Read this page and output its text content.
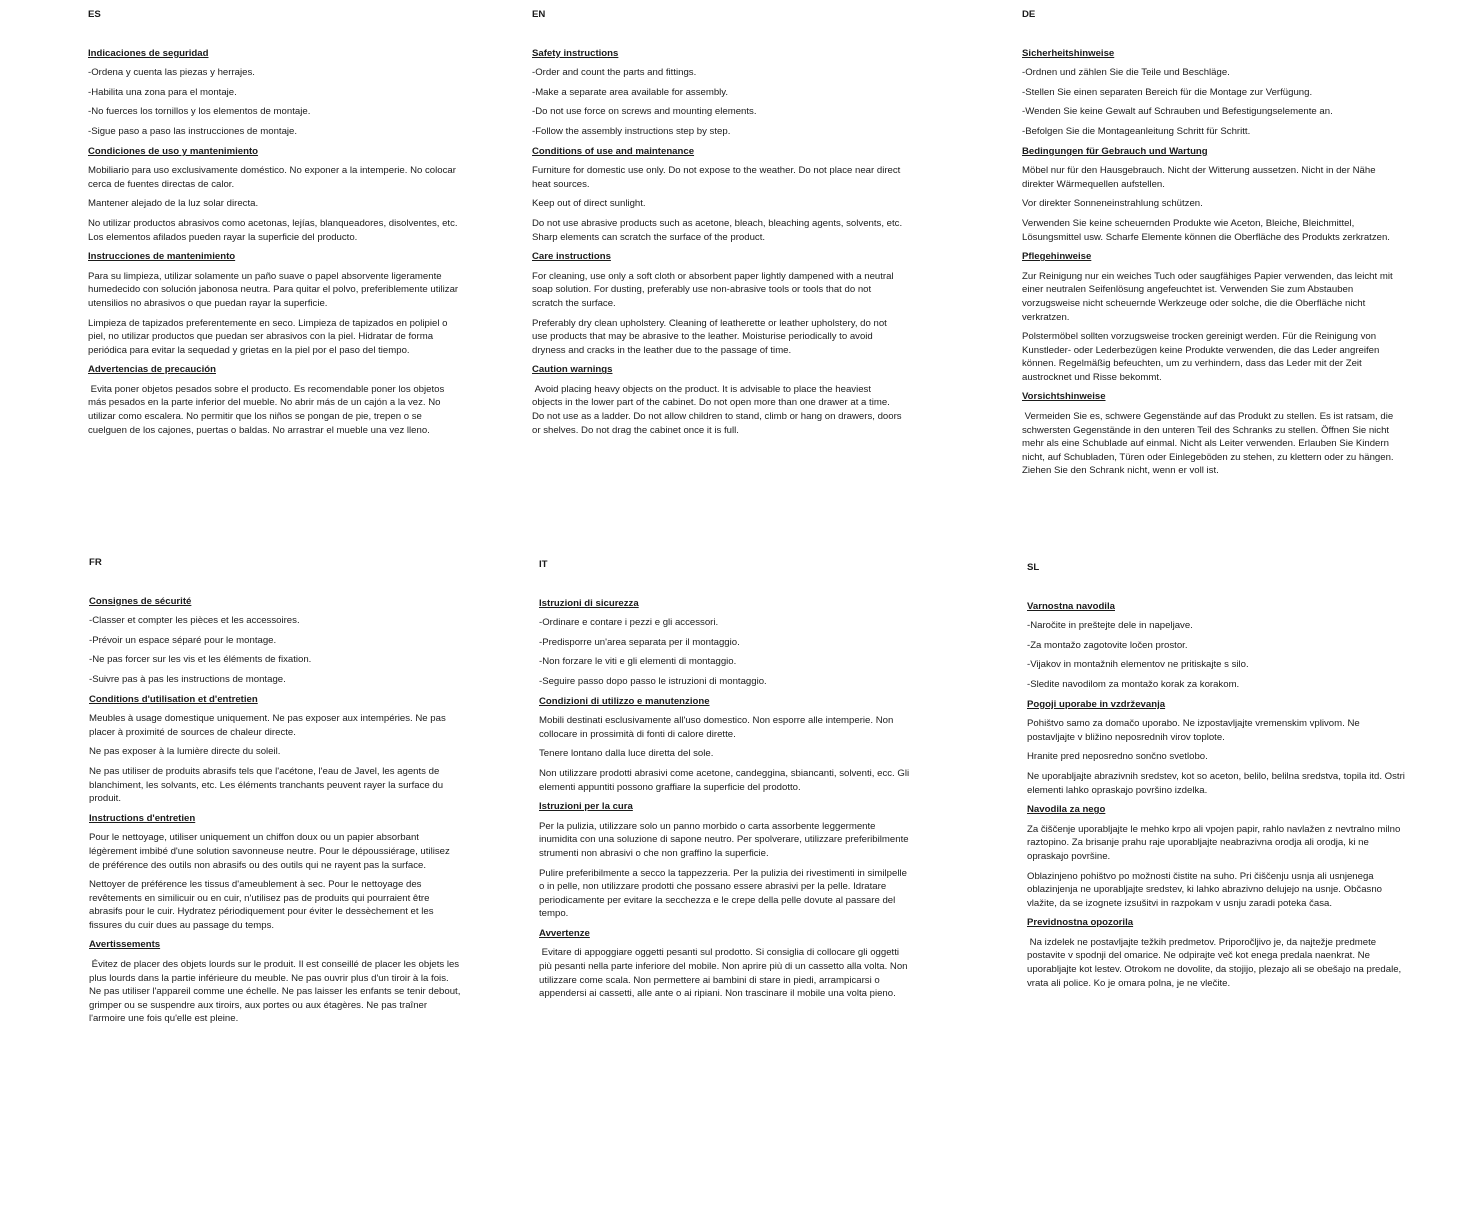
ES

Indicaciones de seguridad

-Ordena y cuenta las piezas y herrajes.

-Habilita una zona para el montaje.

-No fuerces los tornillos y los elementos de montaje.

-Sigue paso a paso las instrucciones de montaje.

Condiciones de uso y mantenimiento

Mobiliario para uso exclusivamente doméstico. No exponer a la intemperie. No colocar cerca de fuentes directas de calor.

Mantener alejado de la luz solar directa.

No utilizar productos abrasivos como acetonas, lejías, blanqueadores, disolventes, etc. Los elementos afilados pueden rayar la superficie del producto.

Instrucciones de mantenimiento

Para su limpieza, utilizar solamente un paño suave o papel absorvente ligeramente humedecido con solución jabonosa neutra. Para quitar el polvo, preferiblemente utilizar utensilios no abrasivos o que puedan rayar la superficie.

Limpieza de tapizados preferentemente en seco. Limpieza de tapizados en polipiel o piel, no utilizar productos que puedan ser abrasivos con la piel. Hidratar de forma periódica para evitar la sequedad y grietas en la piel por el paso del tiempo.

Advertencias de precaución

Evita poner objetos pesados sobre el producto. Es recomendable poner los objetos más pesados en la parte inferior del mueble. No abrir más de un cajón a la vez. No utilizar como escalera. No permitir que los niños se pongan de pie, trepen o se cuelguen de los cajones, puertas o baldas. No arrastrar el mueble una vez lleno.

EN

Safety instructions

-Order and count the parts and fittings.

-Make a separate area available for assembly.

-Do not use force on screws and mounting elements.

-Follow the assembly instructions step by step.

Conditions of use and maintenance

Furniture for domestic use only. Do not expose to the weather. Do not place near direct heat sources.

Keep out of direct sunlight.

Do not use abrasive products such as acetone, bleach, bleaching agents, solvents, etc. Sharp elements can scratch the surface of the product.

Care instructions

For cleaning, use only a soft cloth or absorbent paper lightly dampened with a neutral soap solution. For dusting, preferably use non-abrasive tools or tools that do not scratch the surface.

Preferably dry clean upholstery. Cleaning of leatherette or leather upholstery, do not use products that may be abrasive to the leather. Moisturise periodically to avoid dryness and cracks in the leather due to the passage of time.

Caution warnings

Avoid placing heavy objects on the product. It is advisable to place the heaviest objects in the lower part of the cabinet. Do not open more than one drawer at a time. Do not use as a ladder. Do not allow children to stand, climb or hang on drawers, doors or shelves. Do not drag the cabinet once it is full.

DE

Sicherheitshinweise

-Ordnen und zählen Sie die Teile und Beschläge.

-Stellen Sie einen separaten Bereich für die Montage zur Verfügung.

-Wenden Sie keine Gewalt auf Schrauben und Befestigungselemente an.

-Befolgen Sie die Montageanleitung Schritt für Schritt.

Bedingungen für Gebrauch und Wartung

Möbel nur für den Hausgebrauch. Nicht der Witterung aussetzen. Nicht in der Nähe direkter Wärmequellen aufstellen.

Vor direkter Sonneneinstrahlung schützen.

Verwenden Sie keine scheuernden Produkte wie Aceton, Bleiche, Bleichmittel, Lösungsmittel usw. Scharfe Elemente können die Oberfläche des Produkts zerkratzen.

Pflegehinweise

Zur Reinigung nur ein weiches Tuch oder saugfähiges Papier verwenden, das leicht mit einer neutralen Seifenlösung angefeuchtet ist. Verwenden Sie zum Abstauben vorzugsweise nicht scheuernde Werkzeuge oder solche, die die Oberfläche nicht verkratzen.

Polstermöbel sollten vorzugsweise trocken gereinigt werden. Für die Reinigung von Kunstleder- oder Lederbezügen keine Produkte verwenden, die das Leder angreifen können. Regelmäßig befeuchten, um zu verhindern, dass das Leder mit der Zeit austrocknet und Risse bekommt.

Vorsichtshinweise

Vermeiden Sie es, schwere Gegenstände auf das Produkt zu stellen. Es ist ratsam, die schwersten Gegenstände in den unteren Teil des Schranks zu stellen. Öffnen Sie nicht mehr als eine Schublade auf einmal. Nicht als Leiter verwenden. Erlauben Sie Kindern nicht, auf Schubladen, Türen oder Einlegeböden zu stehen, zu klettern oder zu hängen. Ziehen Sie den Schrank nicht, wenn er voll ist.

FR

Consignes de sécurité

-Classer et compter les pièces et les accessoires.

-Prévoir un espace séparé pour le montage.

-Ne pas forcer sur les vis et les éléments de fixation.

-Suivre pas à pas les instructions de montage.

Conditions d'utilisation et d'entretien

Meubles à usage domestique uniquement. Ne pas exposer aux intempéries. Ne pas placer à proximité de sources de chaleur directe.

Ne pas exposer à la lumière directe du soleil.

Ne pas utiliser de produits abrasifs tels que l'acétone, l'eau de Javel, les agents de blanchiment, les solvants, etc. Les éléments tranchants peuvent rayer la surface du produit.

Instructions d'entretien

Pour le nettoyage, utiliser uniquement un chiffon doux ou un papier absorbant légèrement imbibé d'une solution savonneuse neutre. Pour le dépoussiérage, utilisez de préférence des outils non abrasifs ou des outils qui ne rayent pas la surface.

Nettoyer de préférence les tissus d'ameublement à sec. Pour le nettoyage des revêtements en similicuir ou en cuir, n'utilisez pas de produits qui pourraient être abrasifs pour le cuir. Hydratez périodiquement pour éviter le dessèchement et les fissures du cuir dues au passage du temps.

Avertissements

Évitez de placer des objets lourds sur le produit. Il est conseillé de placer les objets les plus lourds dans la partie inférieure du meuble. Ne pas ouvrir plus d'un tiroir à la fois. Ne pas utiliser l'appareil comme une échelle. Ne pas laisser les enfants se tenir debout, grimper ou se suspendre aux tiroirs, aux portes ou aux étagères. Ne pas traîner l'armoire une fois qu'elle est pleine.

IT

Istruzioni di sicurezza

-Ordinare e contare i pezzi e gli accessori.

-Predisporre un'area separata per il montaggio.

-Non forzare le viti e gli elementi di montaggio.

-Seguire passo dopo passo le istruzioni di montaggio.

Condizioni di utilizzo e manutenzione

Mobili destinati esclusivamente all'uso domestico. Non esporre alle intemperie. Non collocare in prossimità di fonti di calore dirette.

Tenere lontano dalla luce diretta del sole.

Non utilizzare prodotti abrasivi come acetone, candeggina, sbiancanti, solventi, ecc. Gli elementi appuntiti possono graffiare la superficie del prodotto.

Istruzioni per la cura

Per la pulizia, utilizzare solo un panno morbido o carta assorbente leggermente inumidita con una soluzione di sapone neutro. Per spolverare, utilizzare preferibilmente strumenti non abrasivi o che non graffino la superficie.

Pulire preferibilmente a secco la tappezzeria. Per la pulizia dei rivestimenti in similpelle o in pelle, non utilizzare prodotti che possano essere abrasivi per la pelle. Idratare periodicamente per evitare la secchezza e le crepe della pelle dovute al passare del tempo.

Avvertenze

Evitare di appoggiare oggetti pesanti sul prodotto. Si consiglia di collocare gli oggetti più pesanti nella parte inferiore del mobile. Non aprire più di un cassetto alla volta. Non utilizzare come scala. Non permettere ai bambini di stare in piedi, arrampicarsi o appendersi ai cassetti, alle ante o ai ripiani. Non trascinare il mobile una volta pieno.

SL

Varnostna navodila

-Naročite in preštejte dele in napeljave.

-Za montažo zagotovite ločen prostor.

-Vijakov in montažnih elementov ne pritiskajte s silo.

-Sledite navodilom za montažo korak za korakom.

Pogoji uporabe in vzdrževanja

Pohištvo samo za domačo uporabo. Ne izpostavljajte vremenskim vplivom. Ne postavljajte v bližino neposrednih virov toplote.

Hranite pred neposredno sončno svetlobo.

Ne uporabljajte abrazivnih sredstev, kot so aceton, belilo, belilna sredstva, topila itd. Ostri elementi lahko opraskajo površino izdelka.

Navodila za nego

Za čiščenje uporabljajte le mehko krpo ali vpojen papir, rahlo navlažen z nevtralno milno raztopino. Za brisanje prahu raje uporabljajte neabrazivna orodja ali orodja, ki ne opraskajo površine.

Oblazinjeno pohištvo po možnosti čistite na suho. Pri čiščenju usnja ali usnjenega oblazinjenja ne uporabljajte sredstev, ki lahko abrazivno delujejo na usnje. Občasno vlažite, da se izognete izsušitvi in razpokam v usnju zaradi poteka časa.

Previdnostna opozorila

Na izdelek ne postavljajte težkih predmetov. Priporočljivo je, da najtežje predmete postavite v spodnji del omarice. Ne odpirajte več kot enega predala naenkrat. Ne uporabljajte kot lestev. Otrokom ne dovolite, da stojijo, plezajo ali se obešajo na predale, vrata ali police. Ko je omara polna, je ne vlečite.
